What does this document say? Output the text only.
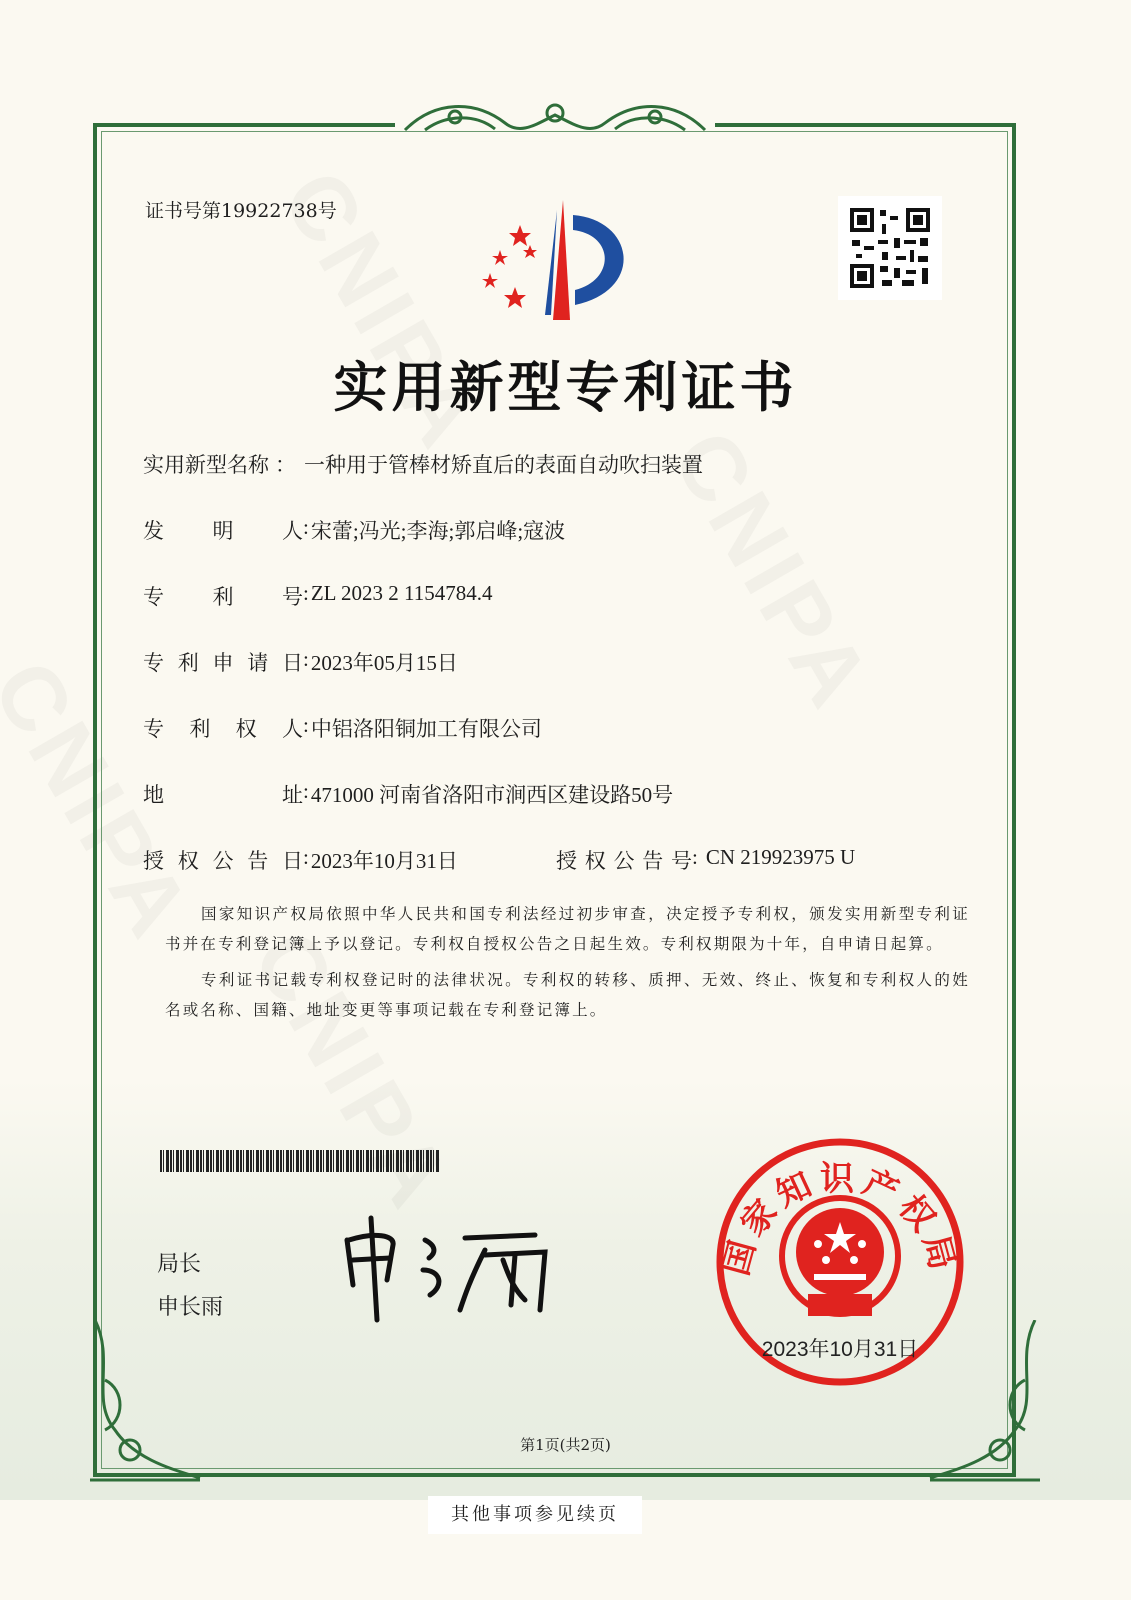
证书号第19922738号
实用新型专利证书
实用新型名称 ： 一种用于管棒材矫直后的表面自动吹扫装置
发明人 : 宋蕾;冯光;李海;郭启峰;寇波
专利号 : ZL 2023 2 1154784.4
专利申请日 : 2023年05月15日
专利权人 : 中铝洛阳铜加工有限公司
地址 : 471000 河南省洛阳市涧西区建设路50号
授权公告日 : 2023年10月31日	授权公告号 : CN 219923975 U

国家知识产权局依照中华人民共和国专利法经过初步审查，决定授予专利权，颁发实用新型专利证书并在专利登记簿上予以登记。专利权自授权公告之日起生效。专利权期限为十年，自申请日起算。

专利证书记载专利权登记时的法律状况。专利权的转移、质押、无效、终止、恢复和专利权人的姓名或名称、国籍、地址变更等事项记载在专利登记簿上。

局长
申长雨
国家知识产权局
2023年10月31日
第1页(共2页)
其他事项参见续页
